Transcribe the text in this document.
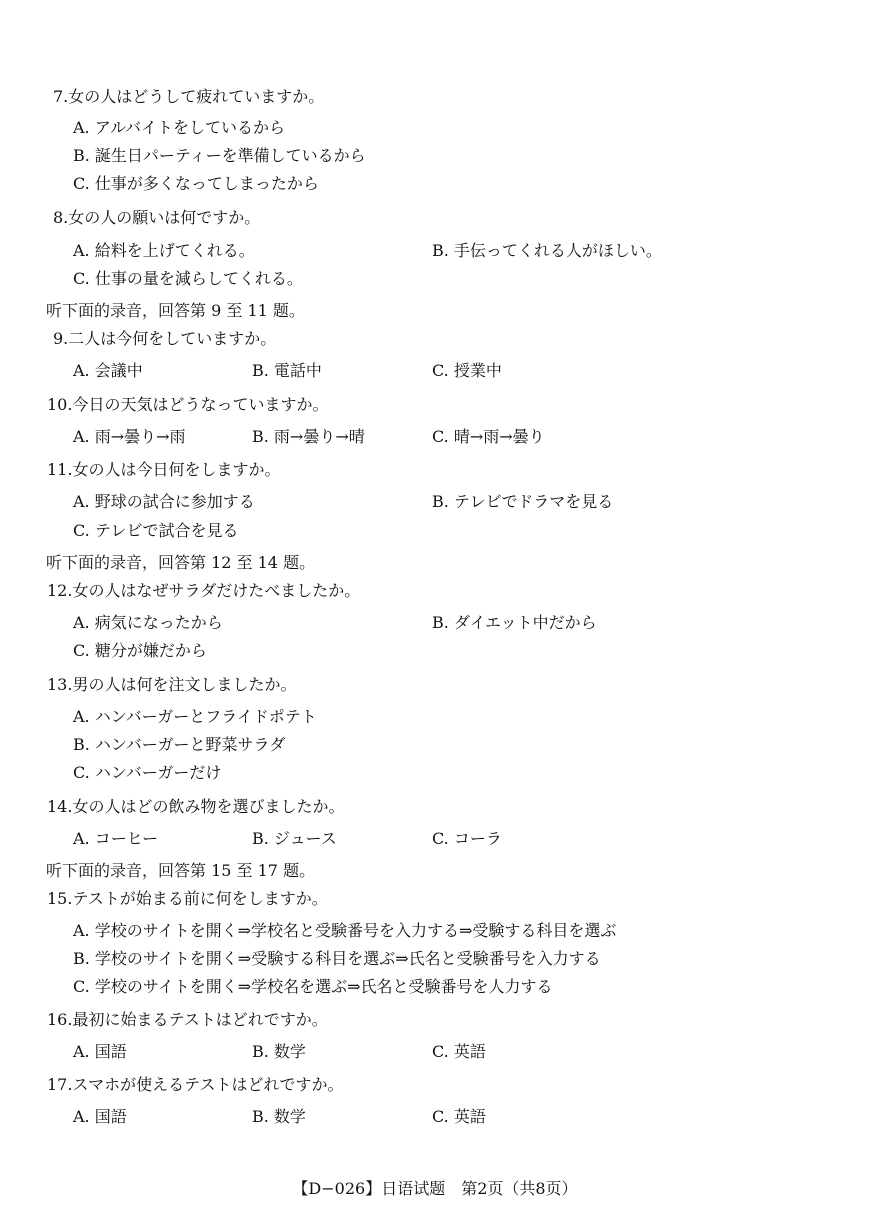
7.女の人はどうして疲れていますか。
A. アルバイトをしているから
B. 誕生日パーティーを準備しているから
C. 仕事が多くなってしまったから
8.女の人の願いは何ですか。
A. 給料を上げてくれる。	B. 手伝ってくれる人がほしい。
C. 仕事の量を減らしてくれる。
听下面的录音，回答第 9 至 11 题。
9.二人は今何をしていますか。
A. 会議中	B. 電話中	C. 授業中
10.今日の天気はどうなっていますか。
A. 雨→曇り→雨	B. 雨→曇り→晴	C. 晴→雨→曇り
11.女の人は今日何をしますか。
A. 野球の試合に参加する	B. テレビでドラマを見る
C. テレビで試合を見る
听下面的录音，回答第 12 至 14 题。
12.女の人はなぜサラダだけたべましたか。
A. 病気になったから	B. ダイエット中だから
C. 糖分が嫌だから
13.男の人は何を注文しましたか。
A. ハンバーガーとフライドポテト
B. ハンバーガーと野菜サラダ
C. ハンバーガーだけ
14.女の人はどの飲み物を選びましたか。
A. コーヒー	B. ジュース	C. コーラ
听下面的录音，回答第 15 至 17 题。
15.テストが始まる前に何をしますか。
A. 学校のサイトを開く⇒学校名と受験番号を入力する⇒受験する科目を選ぶ
B. 学校のサイトを開く⇒受験する科目を選ぶ⇒氏名と受験番号を入力する
C. 学校のサイトを開く⇒学校名を選ぶ⇒氏名と受験番号を人力する
16.最初に始まるテストはどれですか。
A. 国語	B. 数学	C. 英語
17.スマホが使えるテストはどれですか。
A. 国語	B. 数学	C. 英語
【D−026】日语试题　第2页（共8页）
